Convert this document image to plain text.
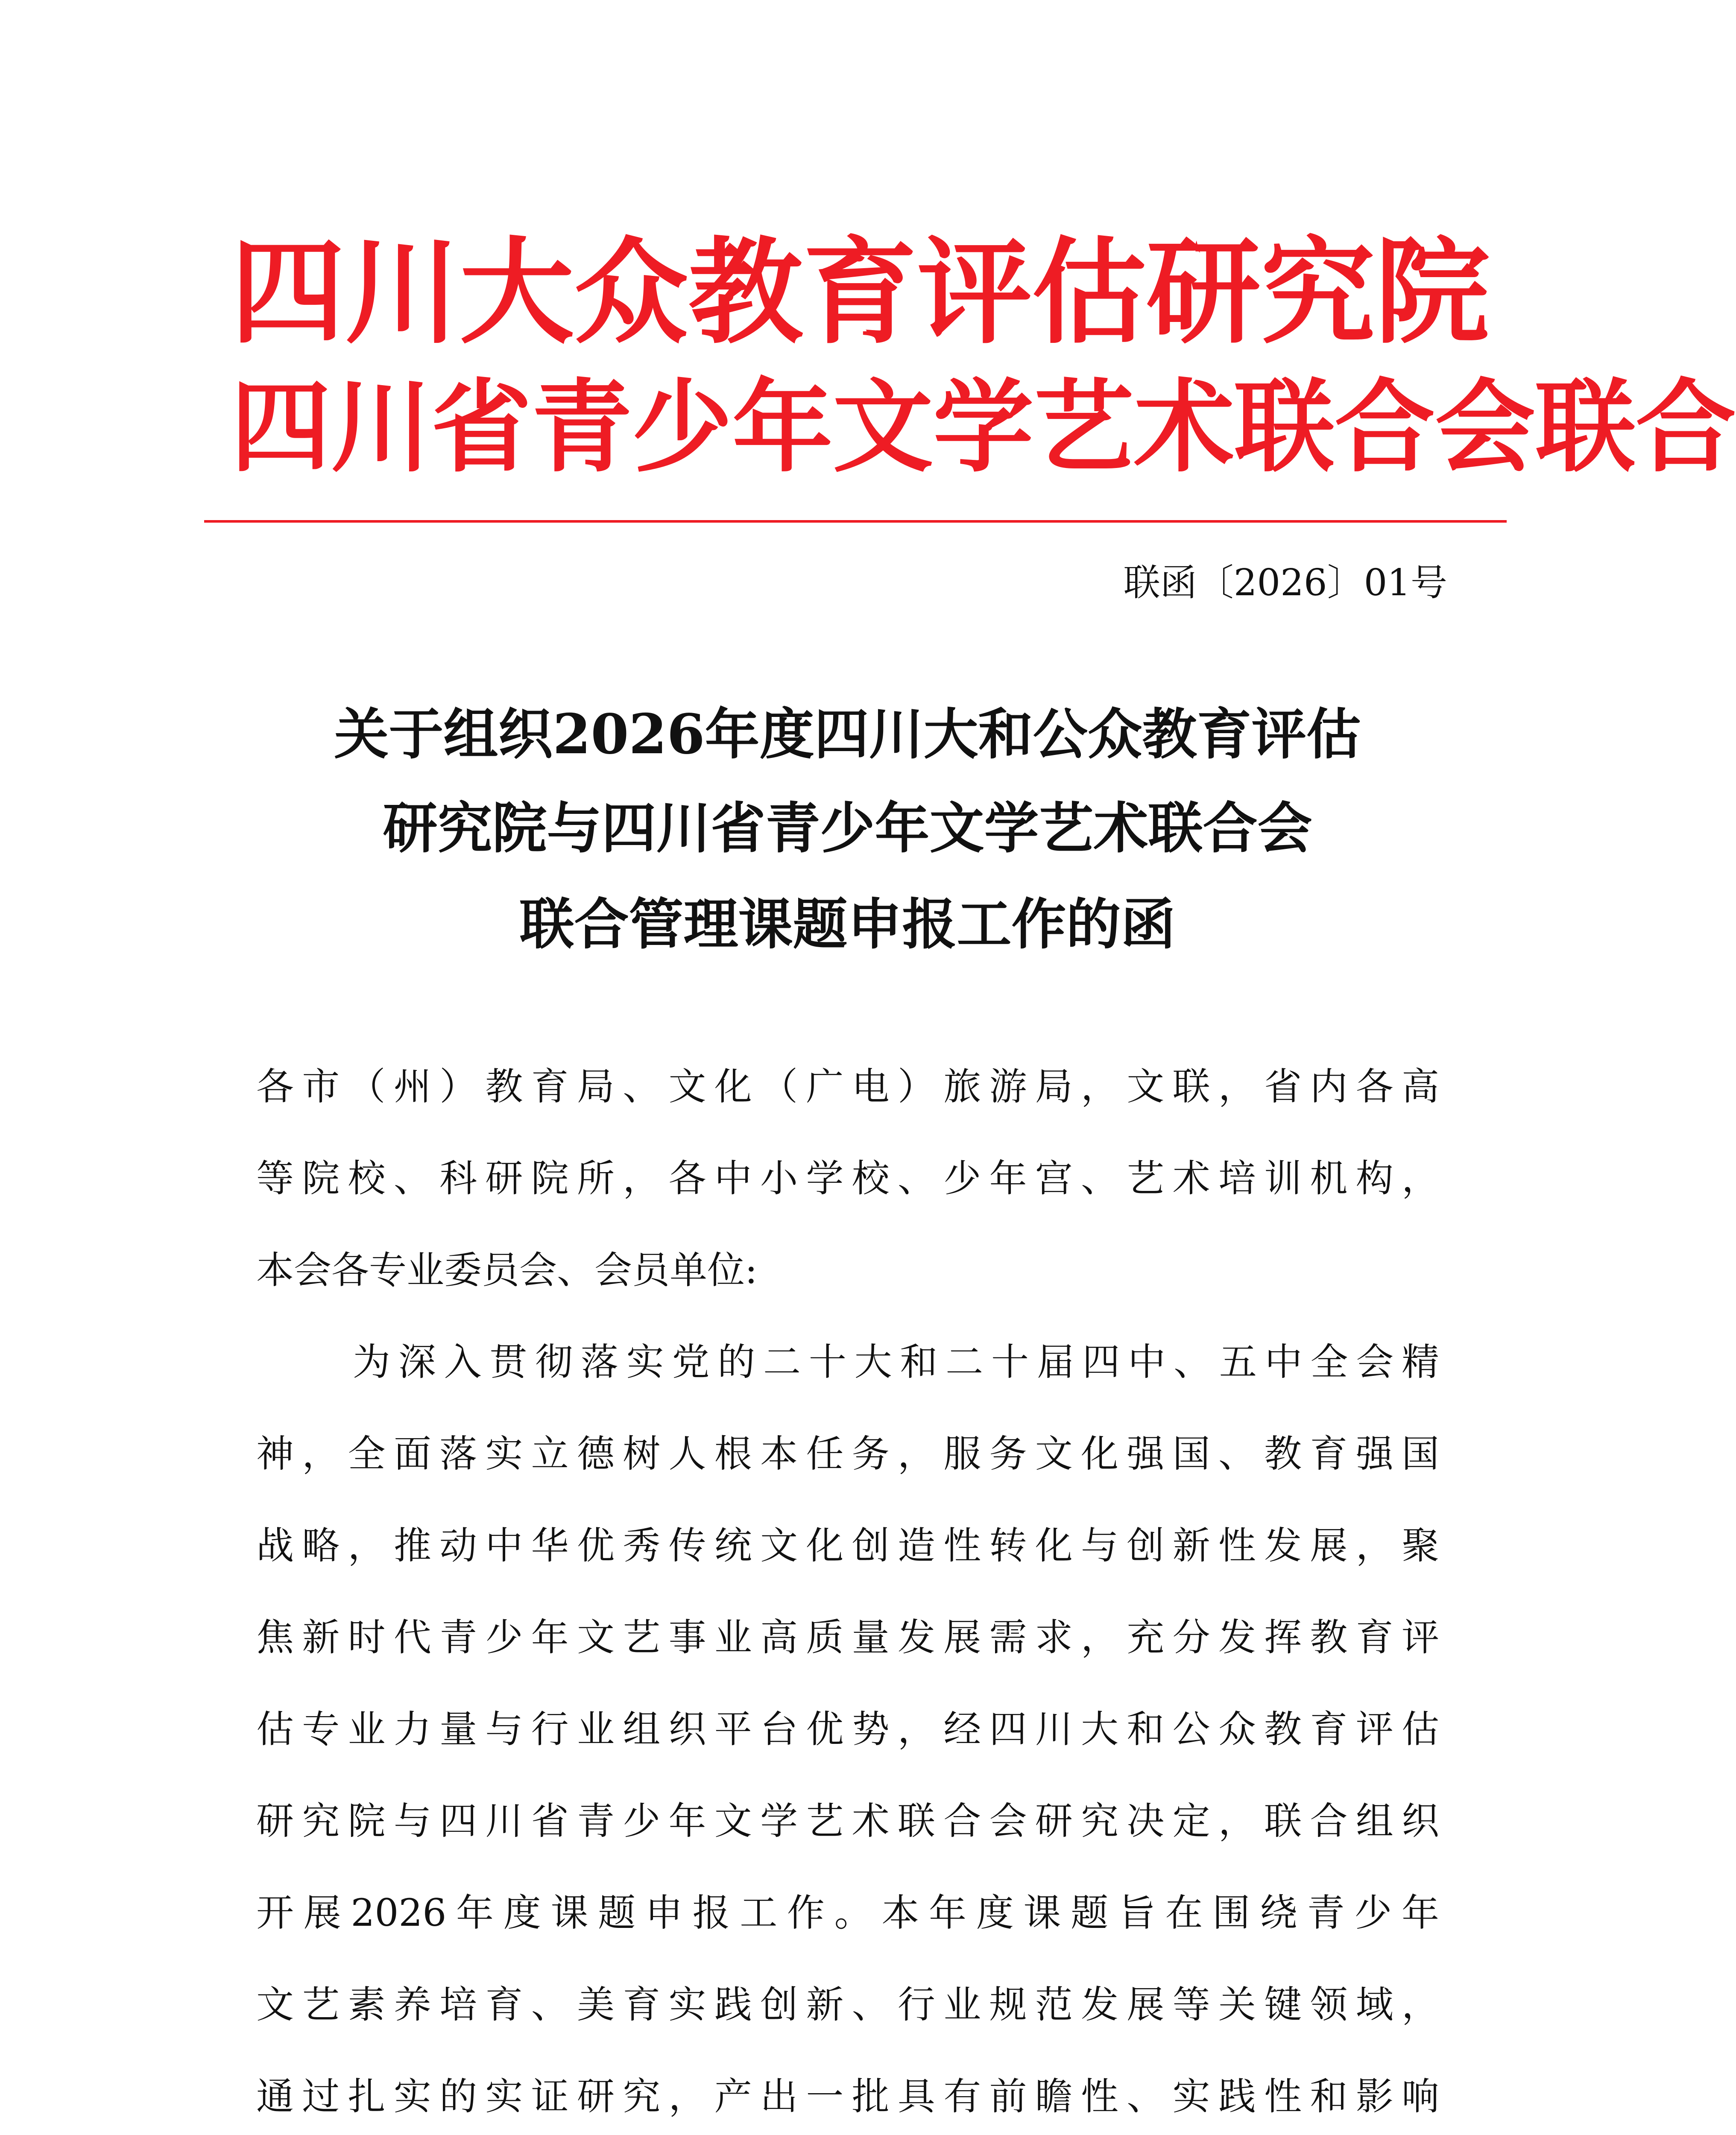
四川大众教育评估研究院
四川省青少年文学艺术联合会联合
联函〔2026〕01号
关于组织2026年度四川大和公众教育评估
研究院与四川省青少年文学艺术联合会
联合管理课题申报工作的函
各市（州）教育局、文化（广电）旅游局，文联，省内各高
等院校、科研院所，各中小学校、少年宫、艺术培训机构，
本会各专业委员会、会员单位:
为深入贯彻落实党的二十大和二十届四中、五中全会精
神，全面落实立德树人根本任务，服务文化强国、教育强国
战略，推动中华优秀传统文化创造性转化与创新性发展，聚
焦新时代青少年文艺事业高质量发展需求，充分发挥教育评
估专业力量与行业组织平台优势，经四川大和公众教育评估
研究院与四川省青少年文学艺术联合会研究决定，联合组织
开展2026年度课题申报工作。本年度课题旨在围绕青少年
文艺素养培育、美育实践创新、行业规范发展等关键领域，
通过扎实的实证研究，产出一批具有前瞻性、实践性和影响
